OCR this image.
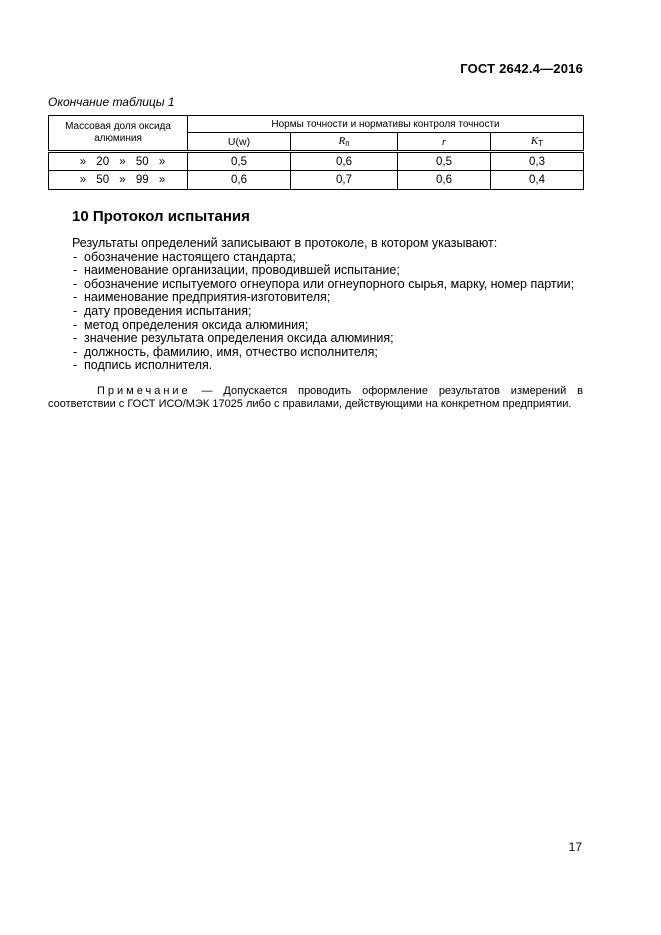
ГОСТ 2642.4—2016
Окончание таблицы 1
Массовая доля оксида алюминия	Нормы точности и нормативы контроля точности			
	U(w)	$R_п$	r	$K_Т$
» 20 » 50 »	0,5	0,6	0,5	0,3
» 50 » 99 »	0,6	0,7	0,6	0,4
10 Протокол испытания

Результаты определений записывают в протоколе, в котором указывают:

- обозначение настоящего стандарта;
- наименование организации, проводившей испытание;
- обозначение испытуемого огнеупора или огнеупорного сырья, марку, номер партии;
- наименование предприятия-изготовителя;
- дату проведения испытания;
- метод определения оксида алюминия;
- значение результата определения оксида алюминия;
- должность, фамилию, имя, отчество исполнителя;
- подпись исполнителя.

Примечание — Допускается проводить оформление результатов измерений в соответствии с ГОСТ ИСО/МЭК 17025 либо с правилами, действующими на конкретном предприятии.

17
